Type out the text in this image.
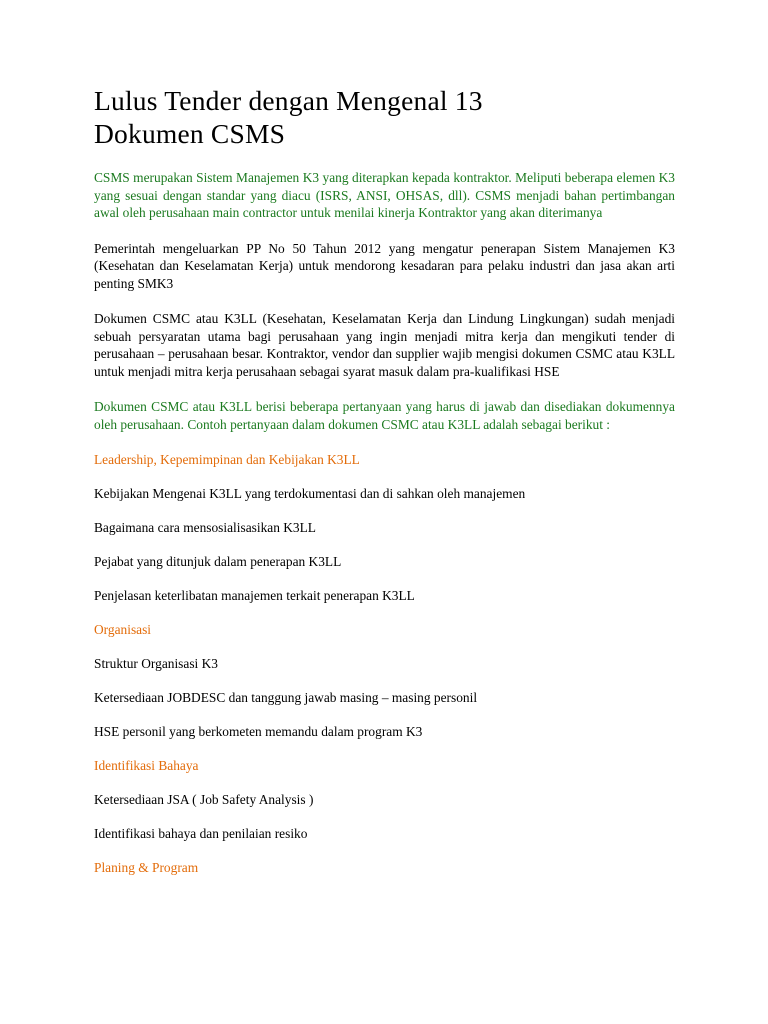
Lulus Tender dengan Mengenal 13
Dokumen CSMS

CSMS merupakan Sistem Manajemen K3 yang diterapkan kepada kontraktor. Meliputi beberapa elemen K3 yang sesuai dengan standar yang diacu (ISRS, ANSI, OHSAS, dll). CSMS menjadi bahan pertimbangan awal oleh perusahaan main contractor untuk menilai kinerja Kontraktor yang akan diterimanya

Pemerintah mengeluarkan PP No 50 Tahun 2012 yang mengatur penerapan Sistem Manajemen K3 (Kesehatan dan Keselamatan Kerja) untuk mendorong kesadaran para pelaku industri dan jasa akan arti penting SMK3

Dokumen CSMC atau K3LL (Kesehatan, Keselamatan Kerja dan Lindung Lingkungan) sudah menjadi sebuah persyaratan utama bagi perusahaan yang ingin menjadi mitra kerja dan mengikuti tender di perusahaan – perusahaan besar. Kontraktor, vendor dan supplier wajib mengisi dokumen CSMC atau K3LL untuk menjadi mitra kerja perusahaan sebagai syarat masuk dalam pra-kualifikasi HSE

Dokumen CSMC atau K3LL berisi beberapa pertanyaan yang harus di jawab dan disediakan dokumennya oleh perusahaan. Contoh pertanyaan dalam dokumen CSMC atau K3LL adalah sebagai berikut :

Leadership, Kepemimpinan dan Kebijakan K3LL

Kebijakan Mengenai K3LL yang terdokumentasi dan di sahkan oleh manajemen

Bagaimana cara mensosialisasikan K3LL

Pejabat yang ditunjuk dalam penerapan K3LL

Penjelasan keterlibatan manajemen terkait penerapan K3LL

Organisasi

Struktur Organisasi K3

Ketersediaan JOBDESC dan tanggung jawab masing – masing personil

HSE personil yang berkometen memandu dalam program K3

Identifikasi Bahaya

Ketersediaan JSA ( Job Safety Analysis )

Identifikasi bahaya dan penilaian resiko

Planing & Program
